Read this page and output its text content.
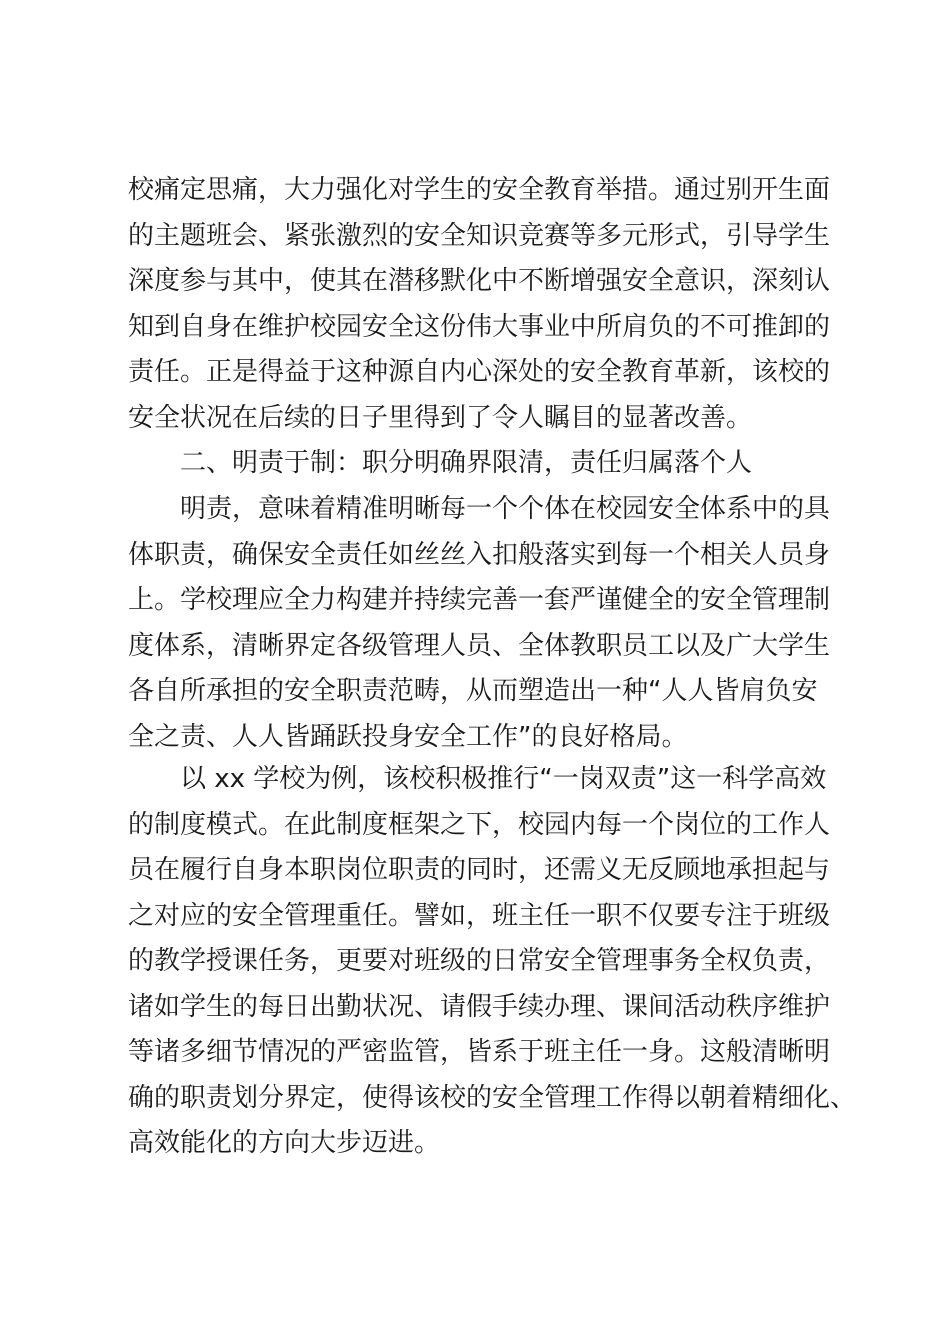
校痛定思痛，大力强化对学生的安全教育举措。通过别开生面
的主题班会、紧张激烈的安全知识竞赛等多元形式，引导学生
深度参与其中，使其在潜移默化中不断增强安全意识，深刻认
知到自身在维护校园安全这份伟大事业中所肩负的不可推卸的
责任。正是得益于这种源自内心深处的安全教育革新，该校的
安全状况在后续的日子里得到了令人瞩目的显著改善。
二、明责于制：职分明确界限清，责任归属落个人
明责，意味着精准明晰每一个个体在校园安全体系中的具
体职责，确保安全责任如丝丝入扣般落实到每一个相关人员身
上。学校理应全力构建并持续完善一套严谨健全的安全管理制
度体系，清晰界定各级管理人员、全体教职员工以及广大学生
各自所承担的安全职责范畴，从而塑造出一种“人人皆肩负安
全之责、人人皆踊跃投身安全工作”的良好格局。
以 xx 学校为例，该校积极推行“一岗双责”这一科学高效
的制度模式。在此制度框架之下，校园内每一个岗位的工作人
员在履行自身本职岗位职责的同时，还需义无反顾地承担起与
之对应的安全管理重任。譬如，班主任一职不仅要专注于班级
的教学授课任务，更要对班级的日常安全管理事务全权负责，
诸如学生的每日出勤状况、请假手续办理、课间活动秩序维护
等诸多细节情况的严密监管，皆系于班主任一身。这般清晰明
确的职责划分界定，使得该校的安全管理工作得以朝着精细化、
高效能化的方向大步迈进。
